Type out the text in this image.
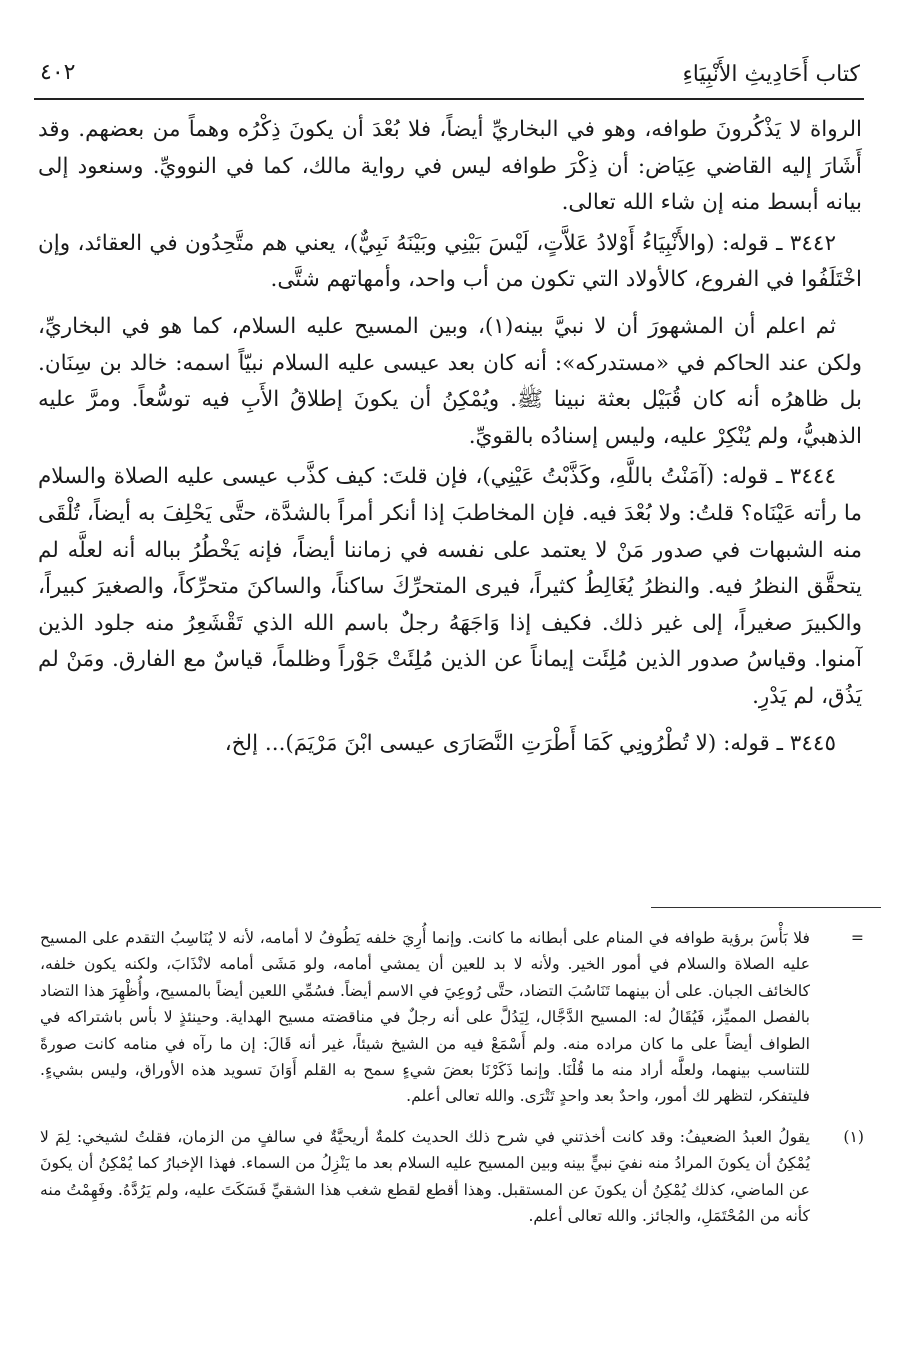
كتاب أَحَادِيثِ الأَنْبِيَاءِ
٤٠٢

الرواة لا يَذْكُرونَ طوافه، وهو في البخاريِّ أيضاً، فلا بُعْدَ أن يكونَ ذِكْرُه وهماً من بعضهم. وقد أَشَارَ إليه القاضي عِيَاض: أن ذِكْرَ طوافه ليس في رواية مالك، كما في النوويِّ. وسنعود إلى بيانه أبسط منه إن شاء الله تعالى.

٣٤٤٢ ـ قوله: (والأَنْبِيَاءُ أَوْلادُ عَلاَّتٍ، لَيْسَ بَيْنِي وبَيْنَهُ نَبِيٌّ)، يعني هم متَّحِدُون في العقائد، وإن اخْتَلَفُوا في الفروع، كالأولاد التي تكون من أب واحد، وأمهاتهم شتَّى.

ثم اعلم أن المشهورَ أن لا نبيَّ بينه(١)، وبين المسيح عليه السلام، كما هو في البخاريِّ، ولكن عند الحاكم في «مستدركه»: أنه كان بعد عيسى عليه السلام نبيّاً اسمه: خالد بن سِنَان. بل ظاهرُه أنه كان قُبَيْل بعثة نبينا ﷺ. ويُمْكِنُ أن يكونَ إطلاقُ الأَبِ فيه توسُّعاً. ومرَّ عليه الذهبيُّ، ولم يُنْكِرْ عليه، وليس إسنادُه بالقويِّ.

٣٤٤٤ ـ قوله: (آمَنْتُ باللَّهِ، وكَذَّبْتُ عَيْنِي)، فإن قلتَ: كيف كذَّب عيسى عليه الصلاة والسلام ما رأته عَيْنَاه؟ قلتُ: ولا بُعْدَ فيه. فإن المخاطبَ إذا أنكر أمراً بالشدَّة، حتَّى يَحْلِفَ به أيضاً، تُلْقَى منه الشبهات في صدور مَنْ لا يعتمد على نفسه في زماننا أيضاً، فإنه يَخْطُرُ بباله أنه لعلَّه لم يتحقَّق النظرُ فيه. والنظرُ يُغَالِطُ كثيراً، فيرى المتحرِّكَ ساكناً، والساكنَ متحرِّكاً، والصغيرَ كبيراً، والكبيرَ صغيراً، إلى غير ذلك. فكيف إذا وَاجَهَهُ رجلٌ باسم الله الذي تَقْشَعِرُ منه جلود الذين آمنوا. وقياسُ صدور الذين مُلِئَت إيماناً عن الذين مُلِئَتْ جَوْراً وظلماً، قياسٌ مع الفارق. ومَنْ لم يَذُق، لم يَدْرِ.

٣٤٤٥ ـ قوله: (لا تُطْرُونِي كَمَا أَطْرَتِ النَّصَارَى عيسى ابْنَ مَرْيَمَ)... إلخ،

=
فلا بَأْسَ برؤية طوافه في المنام على أبطانه ما كانت. وإنما أُرِيَ خلفه يَطُوفُ لا أمامه، لأنه لا يُنَاسِبُ التقدم على المسيح عليه الصلاة والسلام في أمور الخير. ولأنه لا بد للعين أن يمشي أمامه، ولو مَشَى أمامه لانْذَابَ، ولكنه يكون خلفه، كالخائف الجبان. على أن بينهما تَنَاسُبَ التضاد، حتَّى رُوعِيَ في الاسم أيضاً. فسُمِّي اللعين أيضاً بالمسيح، وأُظْهِرَ هذا التضاد بالفصل المميِّز، فَيُقَالُ له: المسيح الدَّجَّال، لِيَدُلَّ على أنه رجلٌ في مناقضته مسيح الهداية. وحينئذٍ لا بأس باشتراكه في الطواف أيضاً على ما كان مراده منه. ولم أَسْمَعْ فيه من الشيخ شيئاً، غير أنه قَالَ: إن ما رآه في منامه كانت صورةً للتناسب بينهما، ولعلَّه أراد منه ما قُلْنَا. وإنما ذَكَرْنَا بعضَ شيءٍ سمح به القلم أَوَانَ تسويد هذه الأوراق، وليس بشيءٍ. فليتفكر، لتظهر لك أمور، واحدٌ بعد واحدٍ تَتْرَى. والله تعالى أعلم.
(١)
يقولُ العبدُ الضعيفُ: وقد كانت أخذتني في شرح ذلك الحديث كلمةٌ أريحيَّةٌ في سالفٍ من الزمان، فقلتُ لشيخي: لِمَ لا يُمْكِنُ أن يكونَ المرادُ منه نفيَ نبيٍّ بينه وبين المسيح عليه السلام بعد ما يَنْزِلُ من السماء. فهذا الإخبارُ كما يُمْكِنُ أن يكونَ عن الماضي، كذلك يُمْكِنُ أن يكونَ عن المستقبل. وهذا أقطع لقطع شغب هذا الشقيِّ فَسَكَتَ عليه، ولم يَرُدَّهُ. وفَهِمْتُ منه كأنه من المُحْتَمَلِ، والجائز. والله تعالى أعلم.
